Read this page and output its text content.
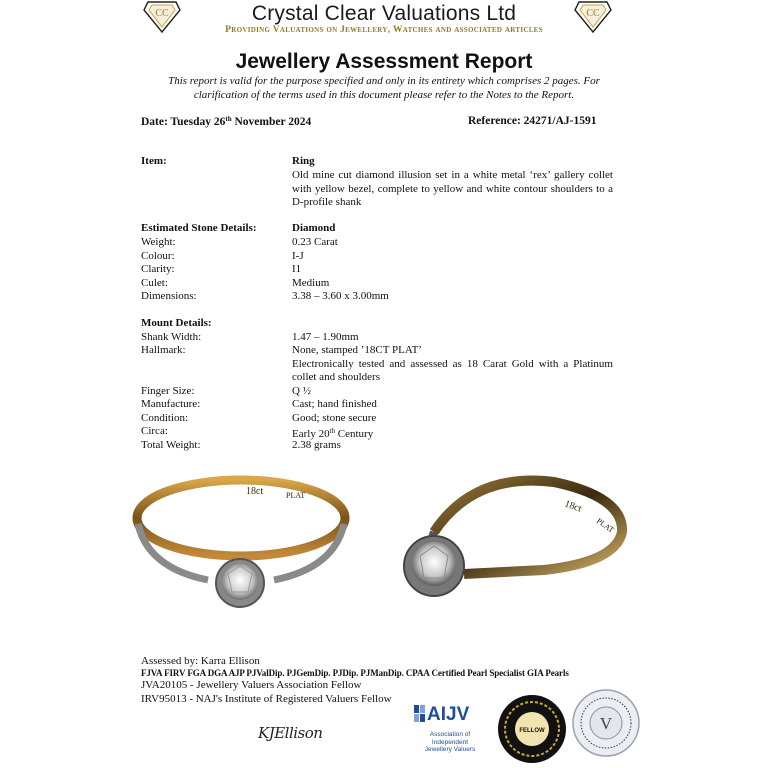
CC	CC
Crystal Clear Valuations Ltd
Providing Valuations on Jewellery, Watches and associated articles
Jewellery Assessment Report
This report is valid for the purpose specified and only in its entirety which comprises 2 pages. For
clarification of the terms used in this document please refer to the Notes to the Report.
Date: Tuesday 26th November 2024	Reference: 24271/AJ-1591
Item:	Ring
Old mine cut diamond illusion set in a white metal ‘rex’ gallery collet with yellow bezel, complete to yellow and white contour shoulders to a D-profile shank
Estimated Stone Details:	Diamond
Weight:	0.23 Carat
Colour:	I-J
Clarity:	I1
Culet:	Medium
Dimensions:	3.38 – 3.60 x 3.00mm
Mount Details:
Shank Width:	1.47 – 1.90mm
Hallmark:	None, stamped ’18CT PLAT’
Electronically tested and assessed as 18 Carat Gold with a Platinum collet and shoulders
Finger Size:	Q ½
Manufacture:	Cast; hand finished
Condition:	Good; stone secure
Circa:	Early 20th Century
Total Weight:	2.38 grams
18ct	PLAT
18ct
PLAT
Assessed by: Karra Ellison
FJVA FIRV FGA DGA AJP PJValDip. PJGemDip. PJDip. PJManDip. CPAA Certified Pearl Specialist GIA Pearls
JVA20105 - Jewellery Valuers Association Fellow
IRV95013 - NAJ's Institute of Registered Valuers Fellow
KJEllison
AIJV
Association of
Independent
Jewellery Valuers
FELLOW	V
